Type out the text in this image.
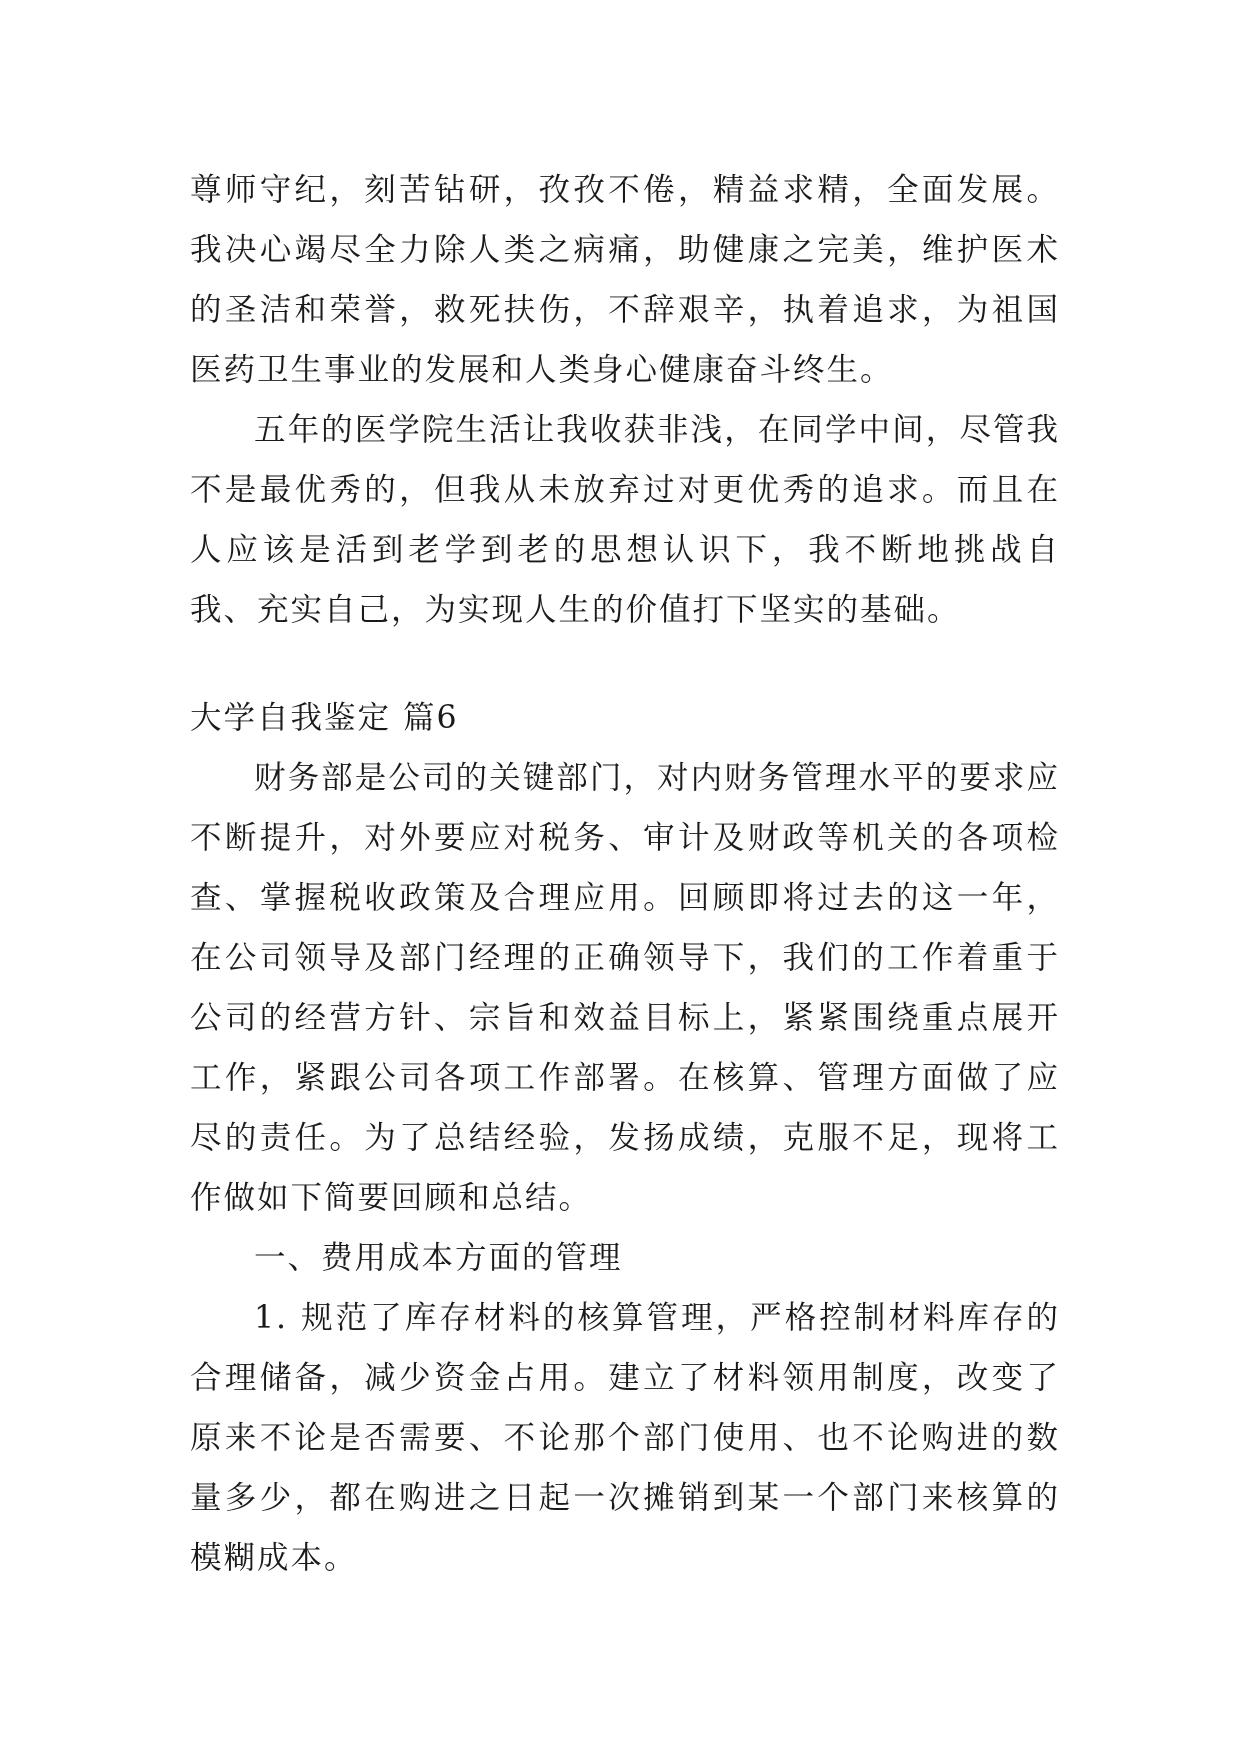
尊师守纪，刻苦钻研，孜孜不倦，精益求精，全面发展。我决心竭尽全力除人类之病痛，助健康之完美，维护医术的圣洁和荣誉，救死扶伤，不辞艰辛，执着追求，为祖国医药卫生事业的发展和人类身心健康奋斗终生。

五年的医学院生活让我收获非浅，在同学中间，尽管我不是最优秀的，但我从未放弃过对更优秀的追求。而且在人应该是活到老学到老的思想认识下，我不断地挑战自我、充实自己，为实现人生的价值打下坚实的基础。

大学自我鉴定 篇6

财务部是公司的关键部门，对内财务管理水平的要求应不断提升，对外要应对税务、审计及财政等机关的各项检查、掌握税收政策及合理应用。回顾即将过去的这一年，在公司领导及部门经理的正确领导下，我们的工作着重于公司的经营方针、宗旨和效益目标上，紧紧围绕重点展开工作，紧跟公司各项工作部署。在核算、管理方面做了应尽的责任。为了总结经验，发扬成绩，克服不足，现将工作做如下简要回顾和总结。

一、费用成本方面的管理

1. 规范了库存材料的核算管理，严格控制材料库存的合理储备，减少资金占用。建立了材料领用制度，改变了原来不论是否需要、不论那个部门使用、也不论购进的数量多少，都在购进之日起一次摊销到某一个部门来核算的模糊成本。
